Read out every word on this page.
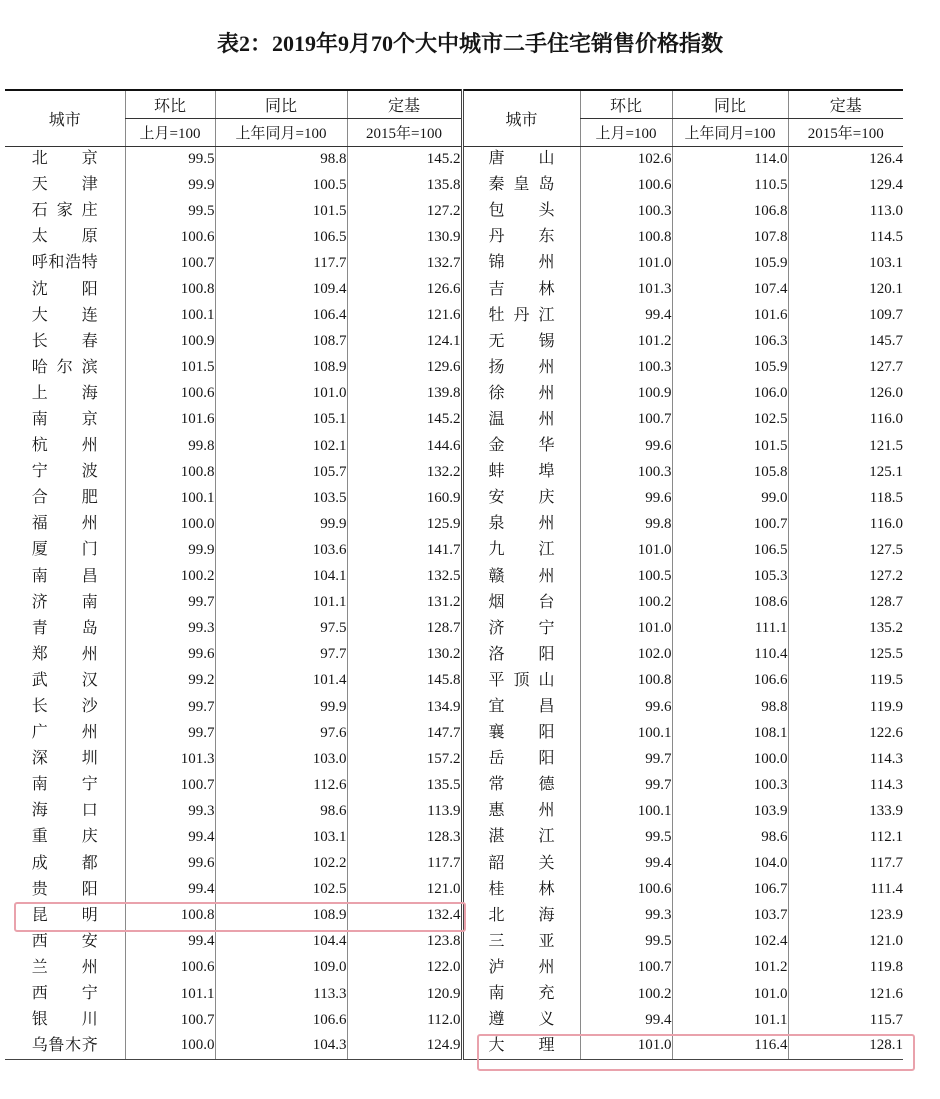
表2：2019年9月70个大中城市二手住宅销售价格指数
城市	环比	同比	定基	城市	环比	同比	定基
	上月=100	上年同月=100	2015年=100		上月=100	上年同月=100	2015年=100
北京	99.5	98.8	145.2	唐山	102.6	114.0	126.4
天津	99.9	100.5	135.8	秦皇岛	100.6	110.5	129.4
石家庄	99.5	101.5	127.2	包头	100.3	106.8	113.0
太原	100.6	106.5	130.9	丹东	100.8	107.8	114.5
呼和浩特	100.7	117.7	132.7	锦州	101.0	105.9	103.1
沈阳	100.8	109.4	126.6	吉林	101.3	107.4	120.1
大连	100.1	106.4	121.6	牡丹江	99.4	101.6	109.7
长春	100.9	108.7	124.1	无锡	101.2	106.3	145.7
哈尔滨	101.5	108.9	129.6	扬州	100.3	105.9	127.7
上海	100.6	101.0	139.8	徐州	100.9	106.0	126.0
南京	101.6	105.1	145.2	温州	100.7	102.5	116.0
杭州	99.8	102.1	144.6	金华	99.6	101.5	121.5
宁波	100.8	105.7	132.2	蚌埠	100.3	105.8	125.1
合肥	100.1	103.5	160.9	安庆	99.6	99.0	118.5
福州	100.0	99.9	125.9	泉州	99.8	100.7	116.0
厦门	99.9	103.6	141.7	九江	101.0	106.5	127.5
南昌	100.2	104.1	132.5	赣州	100.5	105.3	127.2
济南	99.7	101.1	131.2	烟台	100.2	108.6	128.7
青岛	99.3	97.5	128.7	济宁	101.0	111.1	135.2
郑州	99.6	97.7	130.2	洛阳	102.0	110.4	125.5
武汉	99.2	101.4	145.8	平顶山	100.8	106.6	119.5
长沙	99.7	99.9	134.9	宜昌	99.6	98.8	119.9
广州	99.7	97.6	147.7	襄阳	100.1	108.1	122.6
深圳	101.3	103.0	157.2	岳阳	99.7	100.0	114.3
南宁	100.7	112.6	135.5	常德	99.7	100.3	114.3
海口	99.3	98.6	113.9	惠州	100.1	103.9	133.9
重庆	99.4	103.1	128.3	湛江	99.5	98.6	112.1
成都	99.6	102.2	117.7	韶关	99.4	104.0	117.7
贵阳	99.4	102.5	121.0	桂林	100.6	106.7	111.4
昆明	100.8	108.9	132.4	北海	99.3	103.7	123.9
西安	99.4	104.4	123.8	三亚	99.5	102.4	121.0
兰州	100.6	109.0	122.0	泸州	100.7	101.2	119.8
西宁	101.1	113.3	120.9	南充	100.2	101.0	121.6
银川	100.7	106.6	112.0	遵义	99.4	101.1	115.7
乌鲁木齐	100.0	104.3	124.9	大理	101.0	116.4	128.1
